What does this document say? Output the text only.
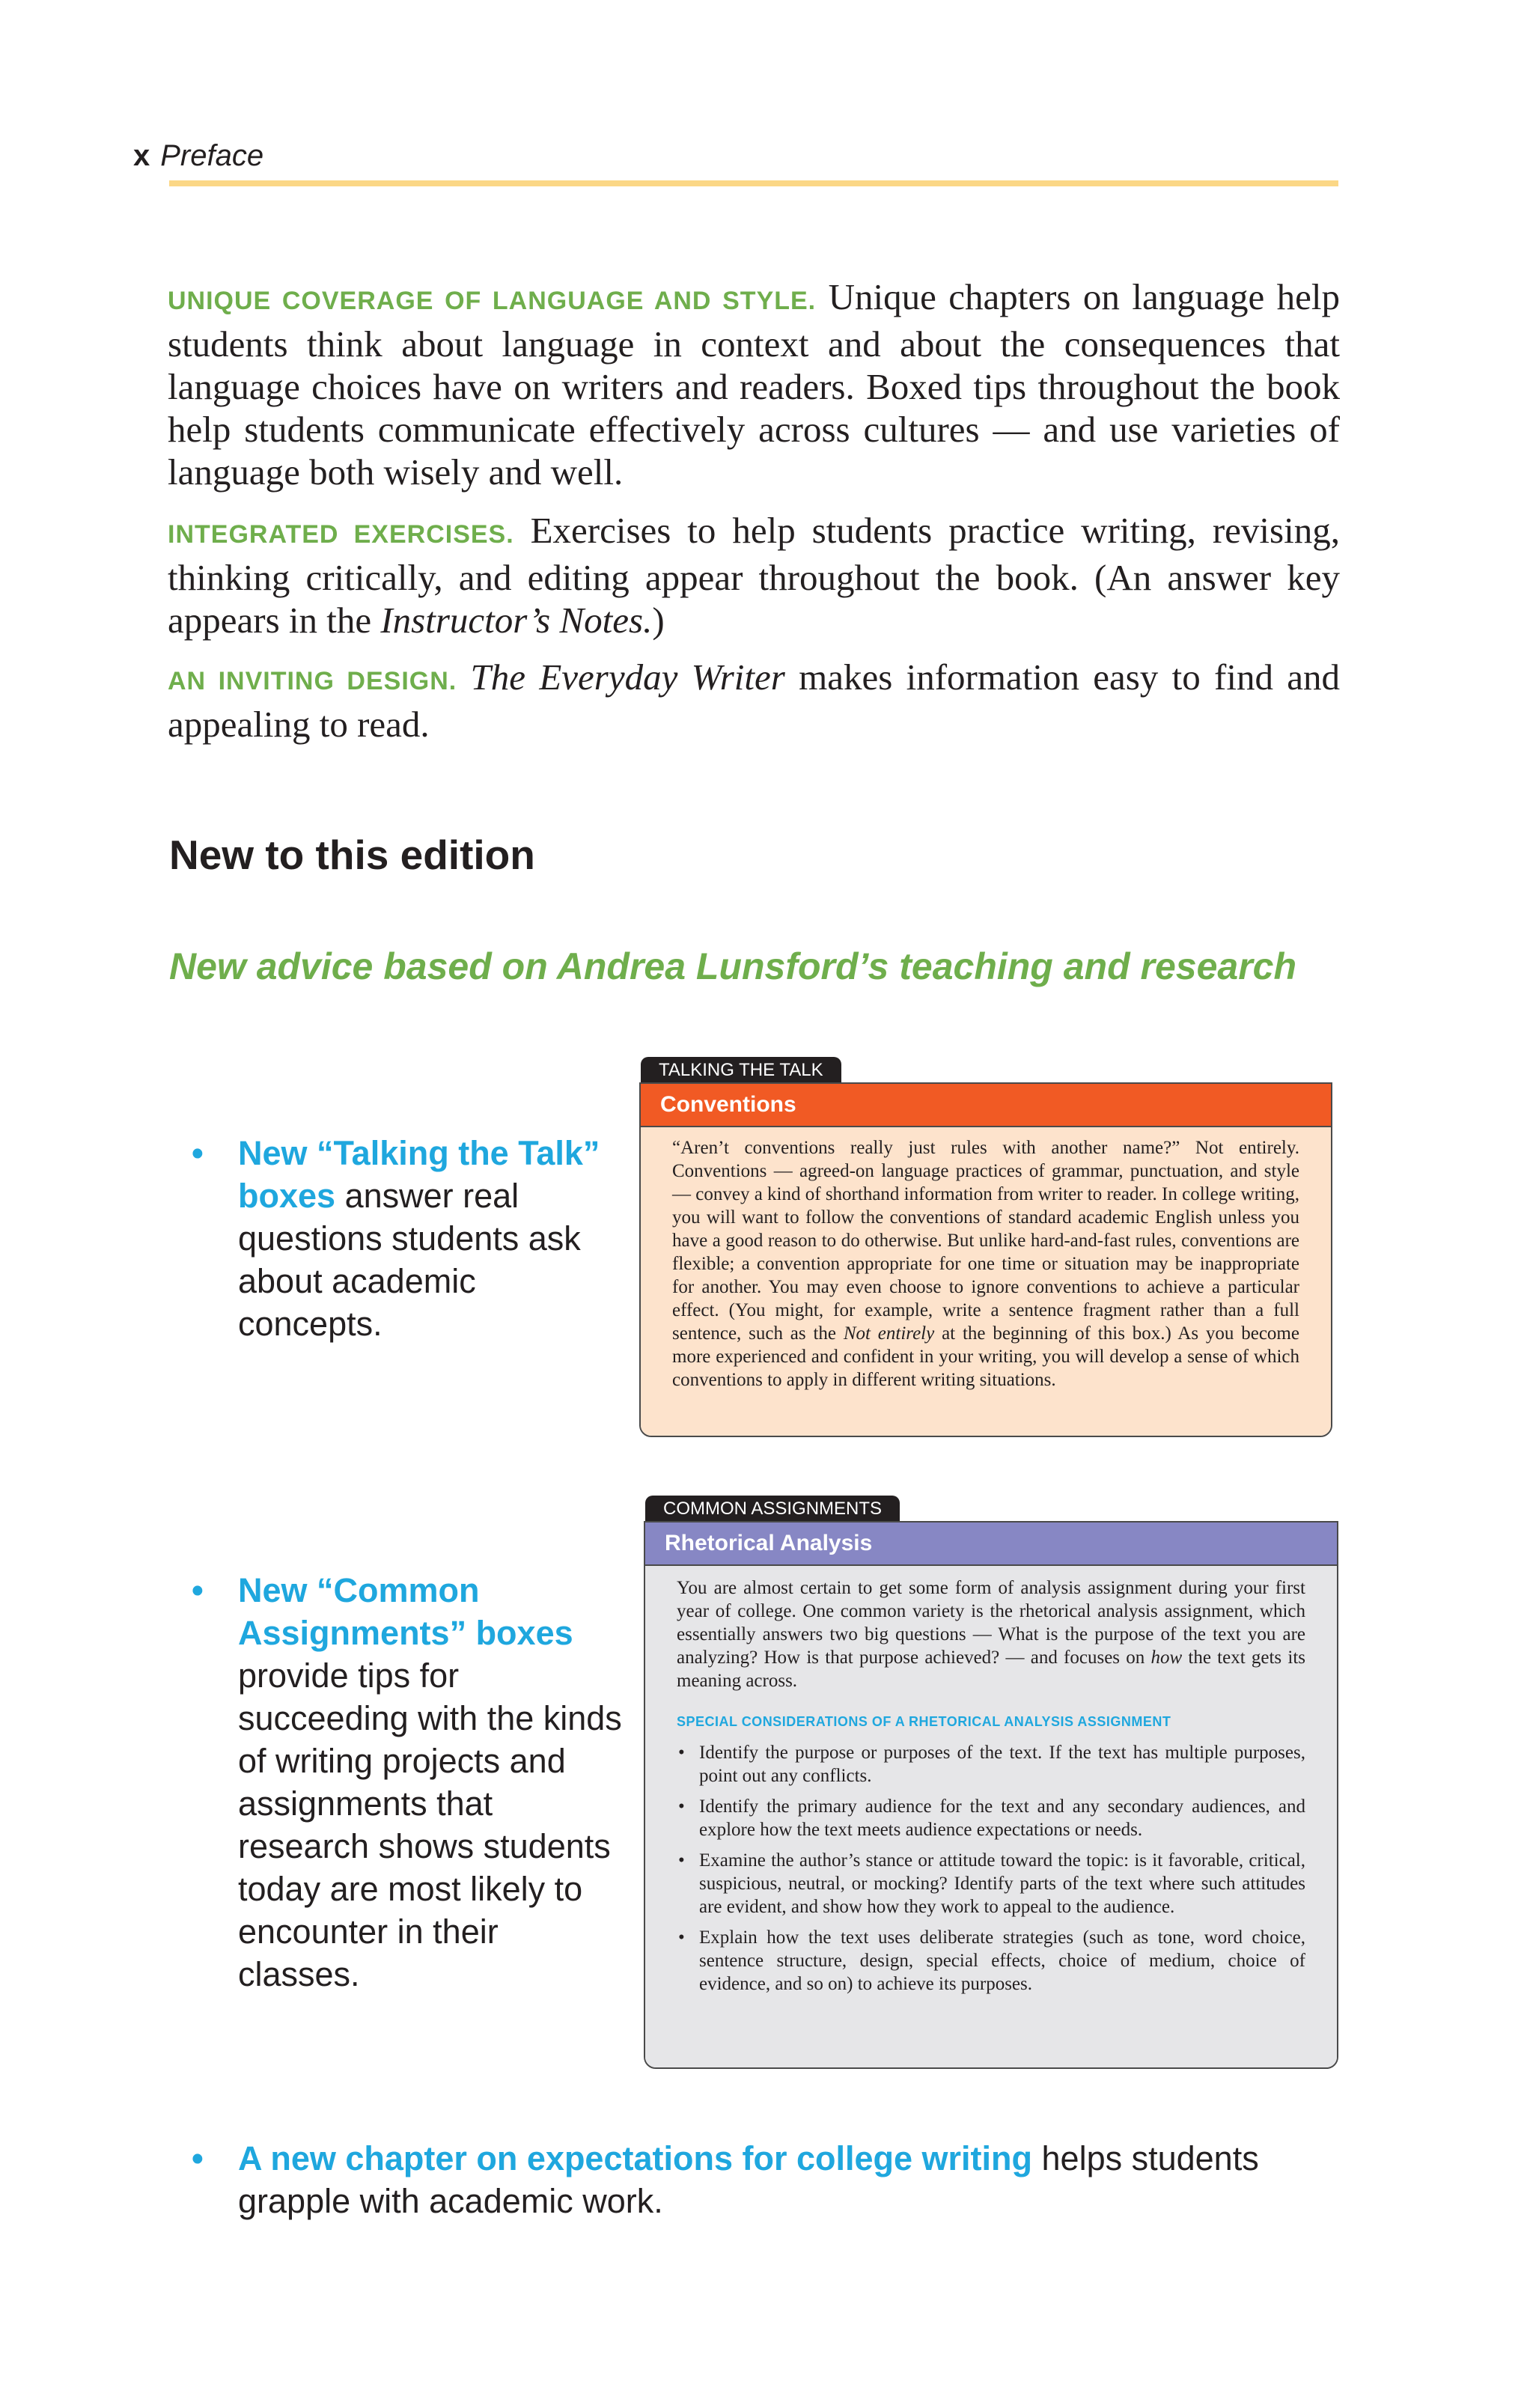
x Preface

UNIQUE COVERAGE OF LANGUAGE AND STYLE. Unique chapters on language help students think about language in context and about the consequences that language choices have on writers and readers. Boxed tips throughout the book help students communicate effectively across cultures — and use varieties of language both wisely and well.

INTEGRATED EXERCISES. Exercises to help students practice writing, revising, thinking critically, and editing appear throughout the book. (An answer key appears in the Instructor’s Notes.)

AN INVITING DESIGN. The Everyday Writer makes information easy to find and appealing to read.

New to this edition
New advice based on Andrea Lunsford’s teaching and research
• New “Talking the Talk” boxes answer real questions students ask about academic concepts.
• New “Common Assignments” boxes provide tips for succeeding with the kinds of writing projects and assignments that research shows students today are most likely to encounter in their classes.
• A new chapter on expectations for college writing helps students grapple with academic work.
TALKING THE TALK
Conventions
“Aren’t conventions really just rules with another name?” Not entirely. Conventions — agreed-on language practices of grammar, punctuation, and style — convey a kind of shorthand information from writer to reader. In college writing, you will want to follow the conventions of standard academic English unless you have a good reason to do otherwise. But unlike hard-and-fast rules, conventions are flexible; a convention appropriate for one time or situation may be inappropriate for another. You may even choose to ignore conventions to achieve a particular effect. (You might, for example, write a sentence fragment rather than a full sentence, such as the Not entirely at the beginning of this box.) As you become more experienced and confident in your writing, you will develop a sense of which conventions to apply in different writing situations.
COMMON ASSIGNMENTS
Rhetorical Analysis
You are almost certain to get some form of analysis assignment during your first year of college. One common variety is the rhetorical analysis assignment, which essentially answers two big questions — What is the purpose of the text you are analyzing? How is that purpose achieved? — and focuses on how the text gets its meaning across.
SPECIAL CONSIDERATIONS OF A RHETORICAL ANALYSIS ASSIGNMENT
• Identify the purpose or purposes of the text. If the text has multiple purposes, point out any conflicts.
• Identify the primary audience for the text and any secondary audiences, and explore how the text meets audience expectations or needs.
• Examine the author’s stance or attitude toward the topic: is it favorable, critical, suspicious, neutral, or mocking? Identify parts of the text where such attitudes are evident, and show how they work to appeal to the audience.
• Explain how the text uses deliberate strategies (such as tone, word choice, sentence structure, design, special effects, choice of medium, choice of evidence, and so on) to achieve its purposes.
